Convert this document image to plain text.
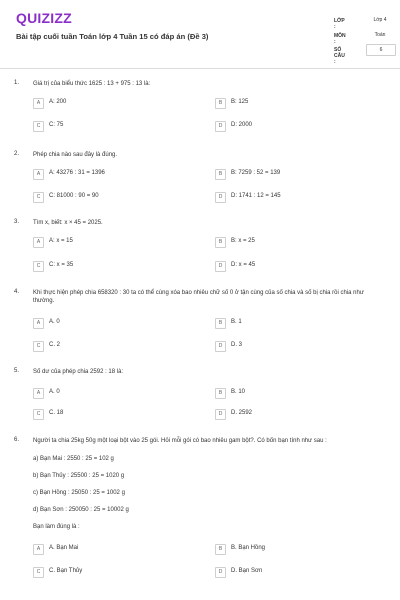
QUIZIZZ
Bài tập cuối tuần Toán lớp 4 Tuần 15 có đáp án (Đề 3)
LỚP :
Lớp 4
MÔN :
Toán
SỐ CÂU :
6
1. Giá trị của biểu thức 1625 : 13 + 975 : 13 là:
A	A: 200	B	B: 125
C	C: 75	D	D: 2000
2. Phép chia nào sau đây là đúng.
A	A: 43276 : 31 = 1396	B	B: 7259 : 52 = 139
C	C: 81000 : 90 = 90	D	D: 1741 : 12 = 145
3. Tìm x, biết: x × 45 = 2025.
A	A: x = 15	B	B: x = 25
C	C: x = 35	D	D: x = 45
4. Khi thực hiện phép chia 658320 : 30 ta có thể cùng xóa bao nhiêu chữ số 0 ở tận cùng của số chia và số bị chia rồi chia như thường.
A	A. 0	B	B. 1
C	C. 2	D	D. 3
5. Số dư của phép chia 2592 : 18 là:
A	A. 0	B	B. 10
C	C. 18	D	D. 2592
6. Người ta chia 25kg 50g một loại bột vào 25 gói. Hỏi mỗi gói có bao nhiêu gam bột?. Có bốn bạn tính như sau :
a) Bạn Mai : 2550 : 25 = 102 g
b) Bạn Thủy : 25500 : 25 = 1020 g
c) Bạn Hồng : 25050 : 25 = 1002 g
d) Bạn Sơn : 250050 : 25 = 10002 g
Bạn làm đúng là :
A	A. Bạn Mai	B	B. Bạn Hồng
C	C. Bạn Thủy	D	D. Bạn Sơn
